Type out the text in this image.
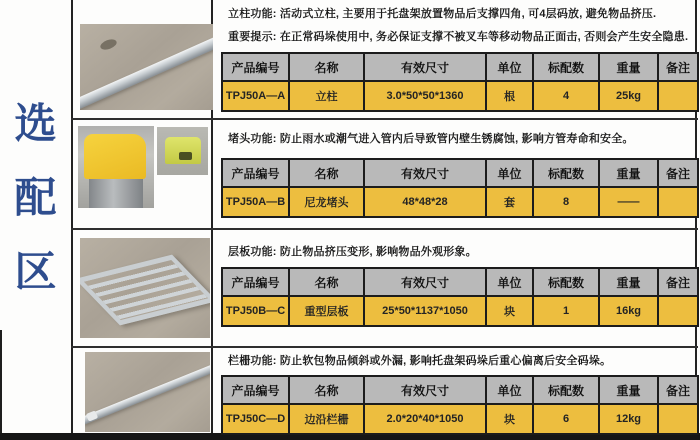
选
配
区
立柱功能: 活动式立柱, 主要用于托盘架放置物品后支撑四角, 可4层码放, 避免物品挤压.
重要提示: 在正常码垛使用中, 务必保证支撑不被叉车等移动物品正面击, 否则会产生安全隐患.
产品编号	名称	有效尺寸	单位	标配数	重量	备注
TPJ50A—A	立柱	3.0*50*50*1360	根	4	25kg	
堵头功能: 防止雨水或潮气进入管内后导致管内壁生锈腐蚀, 影响方管寿命和安全。
产品编号	名称	有效尺寸	单位	标配数	重量	备注
TPJ50A—B	尼龙堵头	48*48*28	套	8	——	
层板功能: 防止物品挤压变形, 影响物品外观形象。
产品编号	名称	有效尺寸	单位	标配数	重量	备注
TPJ50B—C	重型层板	25*50*1137*1050	块	1	16kg	
栏栅功能: 防止软包物品倾斜或外漏, 影响托盘架码垛后重心偏离后安全码垛。
产品编号	名称	有效尺寸	单位	标配数	重量	备注
TPJ50C—D	边沿栏栅	2.0*20*40*1050	块	6	12kg	
